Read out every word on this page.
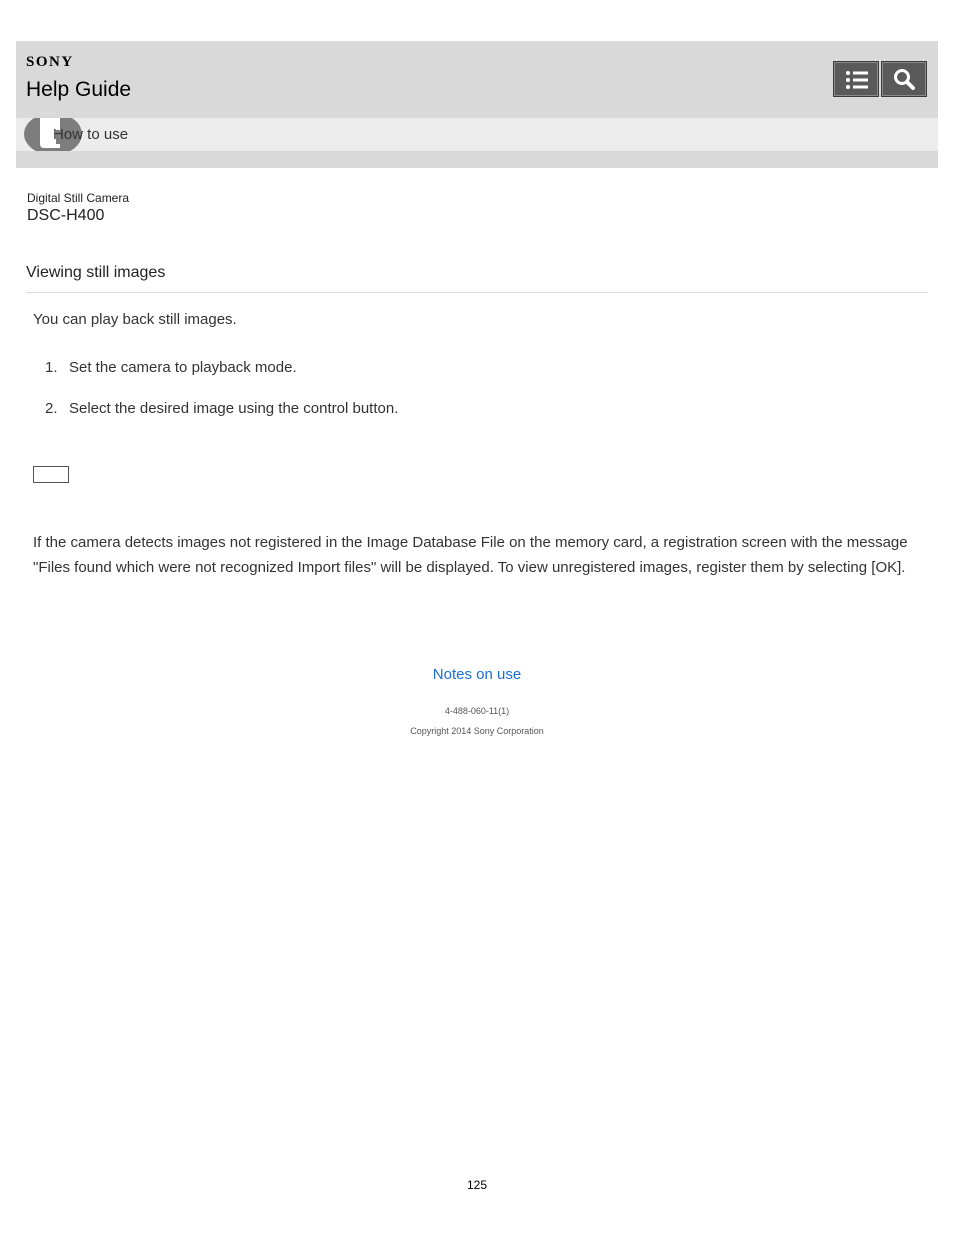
SONY
Help Guide
How to use
Digital Still Camera
DSC-H400
Viewing still images
You can play back still images.
1. Set the camera to playback mode.
2. Select the desired image using the control button.
If the camera detects images not registered in the Image Database File on the memory card, a registration screen with the message "Files found which were not recognized Import files" will be displayed. To view unregistered images, register them by selecting [OK].
Notes on use
4-488-060-11(1)
Copyright 2014 Sony Corporation
125
